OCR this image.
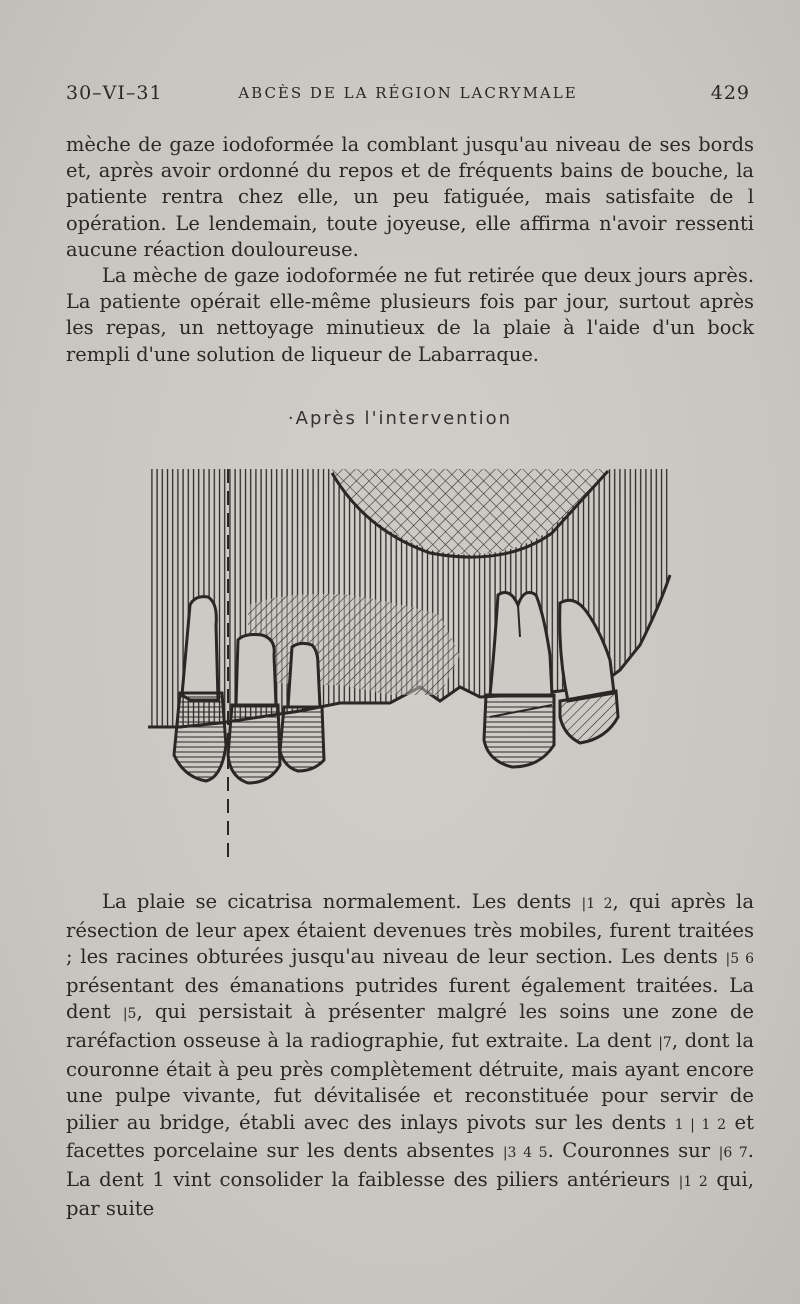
30–VI–31	ABCÈS DE LA RÉGION LACRYMALE	429

mèche de gaze iodoformée la comblant jusqu'au niveau de ses bords et, après avoir ordonné du repos et de fréquents bains de bouche, la patiente rentra chez elle, un peu fatiguée, mais satisfaite de l opération. Le lendemain, toute joyeuse, elle affirma n'avoir ressenti aucune réaction douloureuse.

La mèche de gaze iodoformée ne fut retirée que deux jours après. La patiente opérait elle-même plusieurs fois par jour, surtout après les repas, un nettoyage minutieux de la plaie à l'aide d'un bock rempli d'une solution de liqueur de Labarraque.

·Après l'intervention

La plaie se cicatrisa normalement. Les dents |1 2, qui après la résection de leur apex étaient devenues très mobiles, furent traitées ; les racines obturées jusqu'au niveau de leur section. Les dents |5 6 présentant des émanations putrides furent également traitées. La dent |5, qui persistait à présenter malgré les soins une zone de raréfaction osseuse à la radiographie, fut extraite. La dent |7, dont la couronne était à peu près complètement détruite, mais ayant encore une pulpe vivante, fut dévitalisée et reconstituée pour servir de pilier au bridge, établi avec des inlays pivots sur les dents 1 | 1 2 et facettes porcelaine sur les dents absentes |3 4 5. Couronnes sur |6 7. La dent 1 vint consolider la faiblesse des piliers antérieurs |1 2 qui, par suite
